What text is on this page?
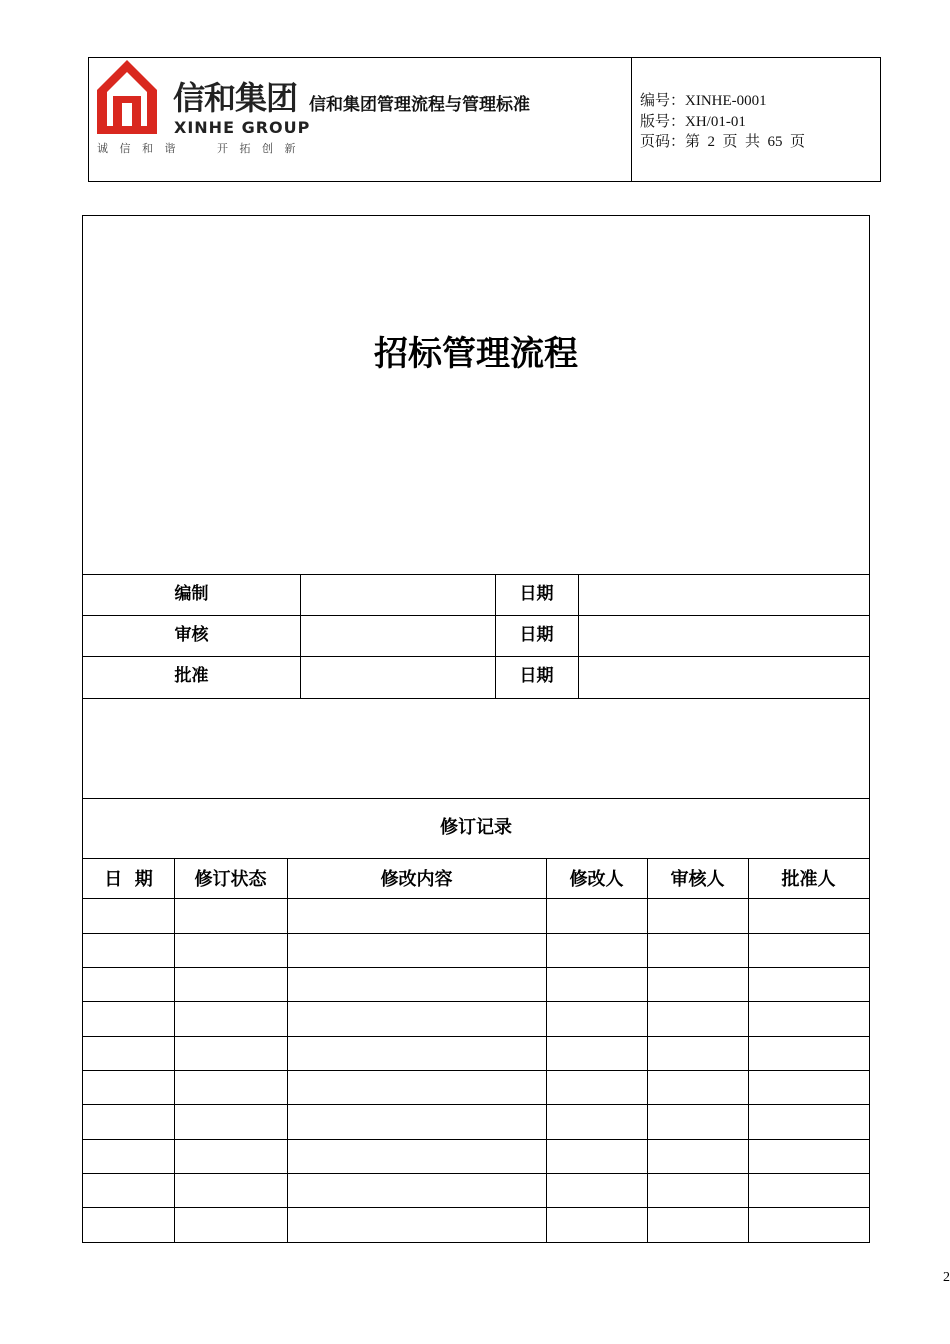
信和集团
XINHE GROUP
诚 信 和 谐     开 拓 创 新
信和集团管理流程与管理标准	编号：XINHE-0001
版号：XH/01-01
页码：第  2  页  共  65  页
招标管理流程
编制	日期
审核	日期
批准	日期
修订记录
日  期	修订状态	修改内容	修改人	审核人	批准人
2
